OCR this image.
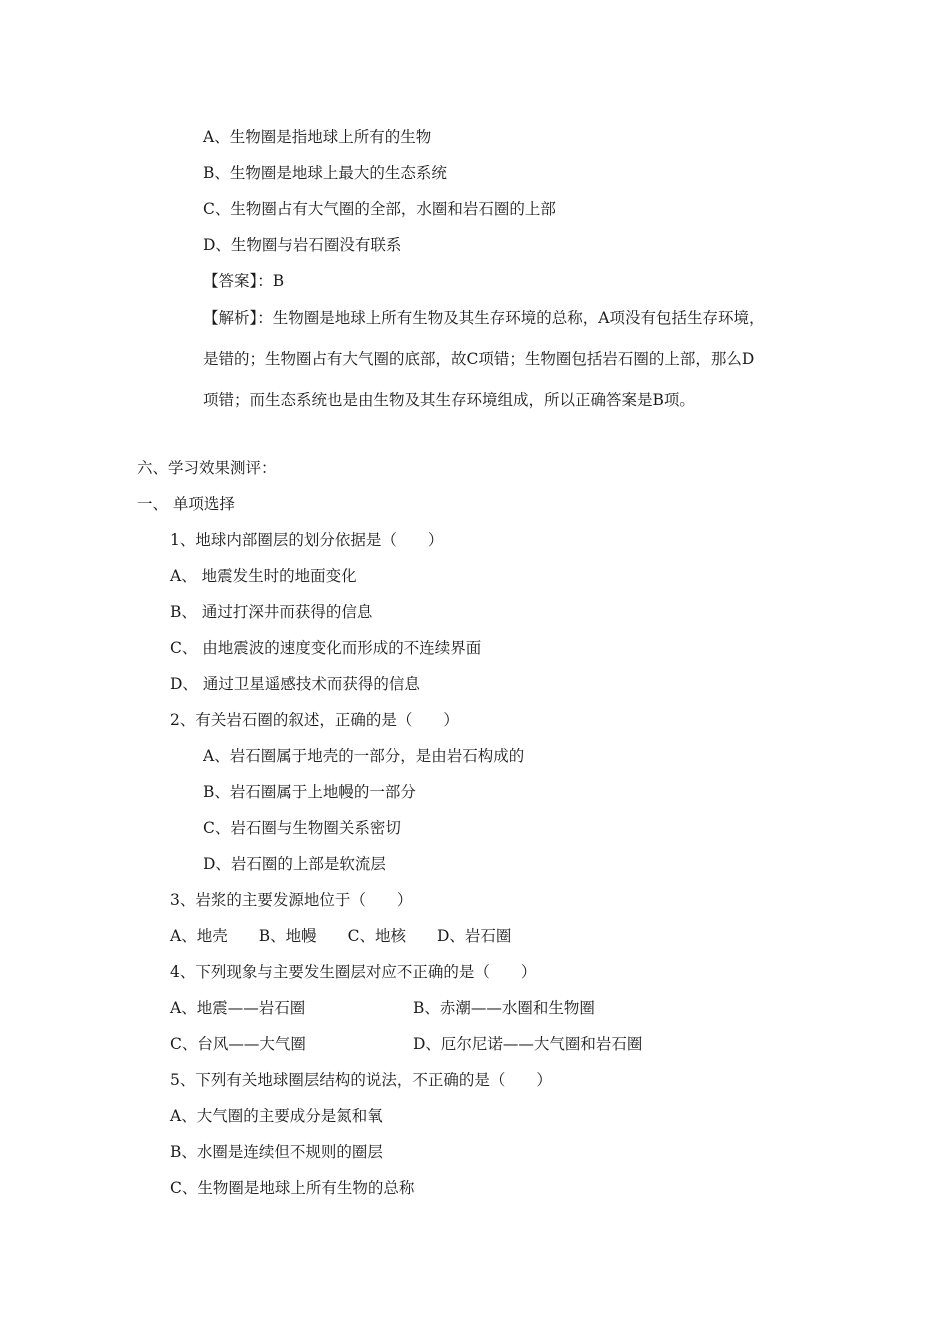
A、生物圈是指地球上所有的生物
B、生物圈是地球上最大的生态系统
C、生物圈占有大气圈的全部，水圈和岩石圈的上部
D、生物圈与岩石圈没有联系
【答案】：B
【解析】：生物圈是地球上所有生物及其生存环境的总称，A项没有包括生存环境，
是错的；生物圈占有大气圈的底部，故C项错；生物圈包括岩石圈的上部，那么D
项错；而生态系统也是由生物及其生存环境组成，所以正确答案是B项。
六、学习效果测评：
一、 单项选择
1、地球内部圈层的划分依据是（　　）
A、 地震发生时的地面变化
B、 通过打深井而获得的信息
C、 由地震波的速度变化而形成的不连续界面
D、 通过卫星遥感技术而获得的信息
2、有关岩石圈的叙述，正确的是（　　）
A、岩石圈属于地壳的一部分，是由岩石构成的
B、岩石圈属于上地幔的一部分
C、岩石圈与生物圈关系密切
D、岩石圈的上部是软流层
3、岩浆的主要发源地位于（　　）
A、地壳　　B、地幔　　C、地核　　D、岩石圈
4、下列现象与主要发生圈层对应不正确的是（　　）
A、地震——岩石圈	B、赤潮——水圈和生物圈
C、台风——大气圈	D、厄尔尼诺——大气圈和岩石圈
5、下列有关地球圈层结构的说法，不正确的是（　　）
A、大气圈的主要成分是氮和氧
B、水圈是连续但不规则的圈层
C、生物圈是地球上所有生物的总称
